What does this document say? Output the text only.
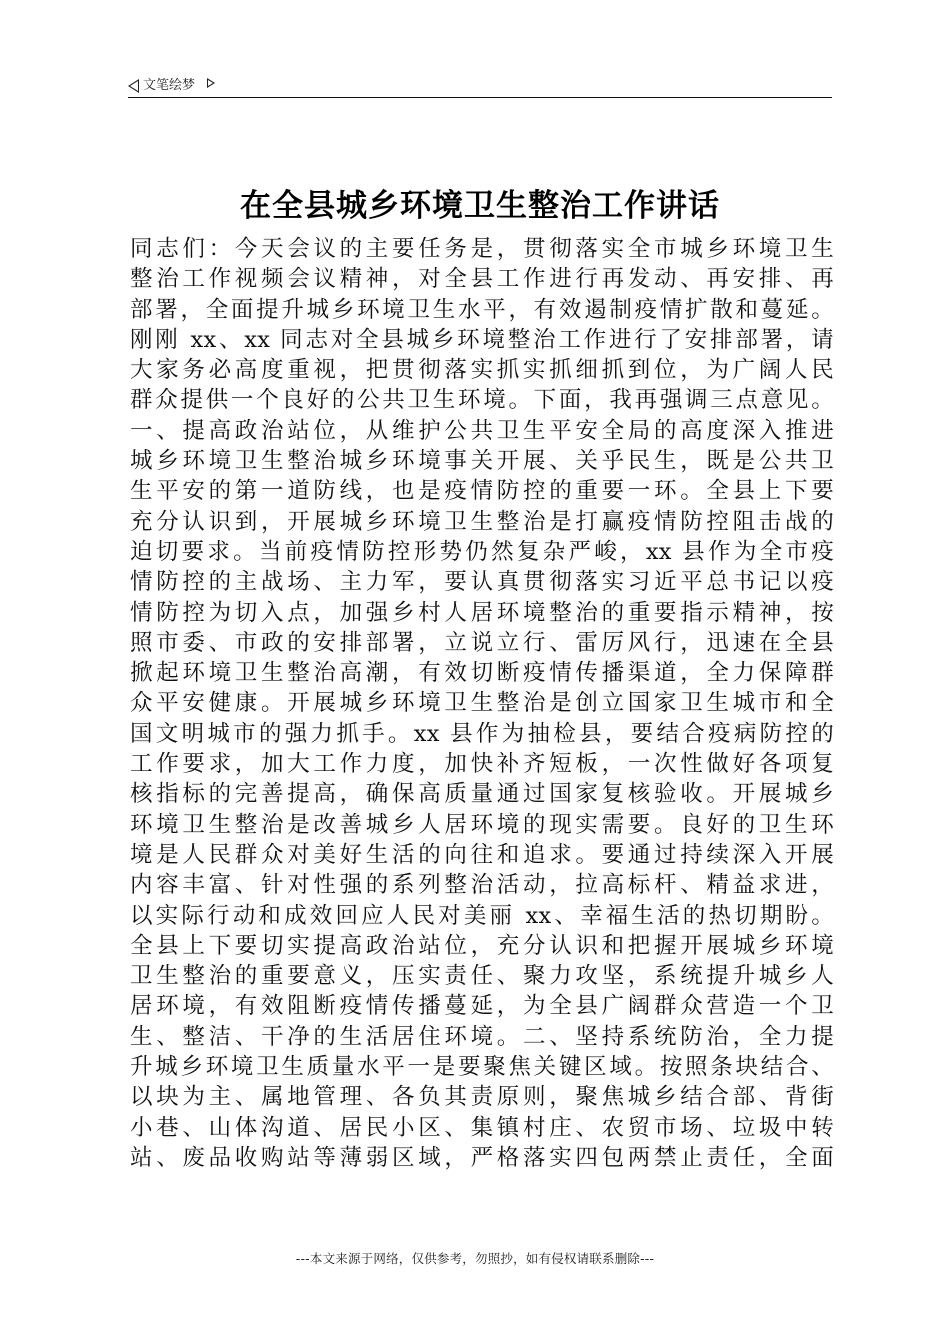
文笔绘梦
在全县城乡环境卫生整治工作讲话
同志们：今天会议的主要任务是，贯彻落实全市城乡环境卫生
整治工作视频会议精神，对全县工作进行再发动、再安排、再
部署，全面提升城乡环境卫生水平，有效遏制疫情扩散和蔓延。
刚刚 xx、xx 同志对全县城乡环境整治工作进行了安排部署，请
大家务必高度重视，把贯彻落实抓实抓细抓到位，为广阔人民
群众提供一个良好的公共卫生环境。下面，我再强调三点意见。
一、提高政治站位，从维护公共卫生平安全局的高度深入推进
城乡环境卫生整治城乡环境事关开展、关乎民生，既是公共卫
生平安的第一道防线，也是疫情防控的重要一环。全县上下要
充分认识到，开展城乡环境卫生整治是打赢疫情防控阻击战的
迫切要求。当前疫情防控形势仍然复杂严峻，xx 县作为全市疫
情防控的主战场、主力军，要认真贯彻落实习近平总书记以疫
情防控为切入点，加强乡村人居环境整治的重要指示精神，按
照市委、市政的安排部署，立说立行、雷厉风行，迅速在全县
掀起环境卫生整治高潮，有效切断疫情传播渠道，全力保障群
众平安健康。开展城乡环境卫生整治是创立国家卫生城市和全
国文明城市的强力抓手。xx 县作为抽检县，要结合疫病防控的
工作要求，加大工作力度，加快补齐短板，一次性做好各项复
核指标的完善提高，确保高质量通过国家复核验收。开展城乡
环境卫生整治是改善城乡人居环境的现实需要。良好的卫生环
境是人民群众对美好生活的向往和追求。要通过持续深入开展
内容丰富、针对性强的系列整治活动，拉高标杆、精益求进，
以实际行动和成效回应人民对美丽 xx、幸福生活的热切期盼。
全县上下要切实提高政治站位，充分认识和把握开展城乡环境
卫生整治的重要意义，压实责任、聚力攻坚，系统提升城乡人
居环境，有效阻断疫情传播蔓延，为全县广阔群众营造一个卫
生、整洁、干净的生活居住环境。二、坚持系统防治，全力提
升城乡环境卫生质量水平一是要聚焦关键区域。按照条块结合、
以块为主、属地管理、各负其责原则，聚焦城乡结合部、背街
小巷、山体沟道、居民小区、集镇村庄、农贸市场、垃圾中转
站、废品收购站等薄弱区域，严格落实四包两禁止责任，全面
---本文来源于网络，仅供参考，勿照抄，如有侵权请联系删除---
